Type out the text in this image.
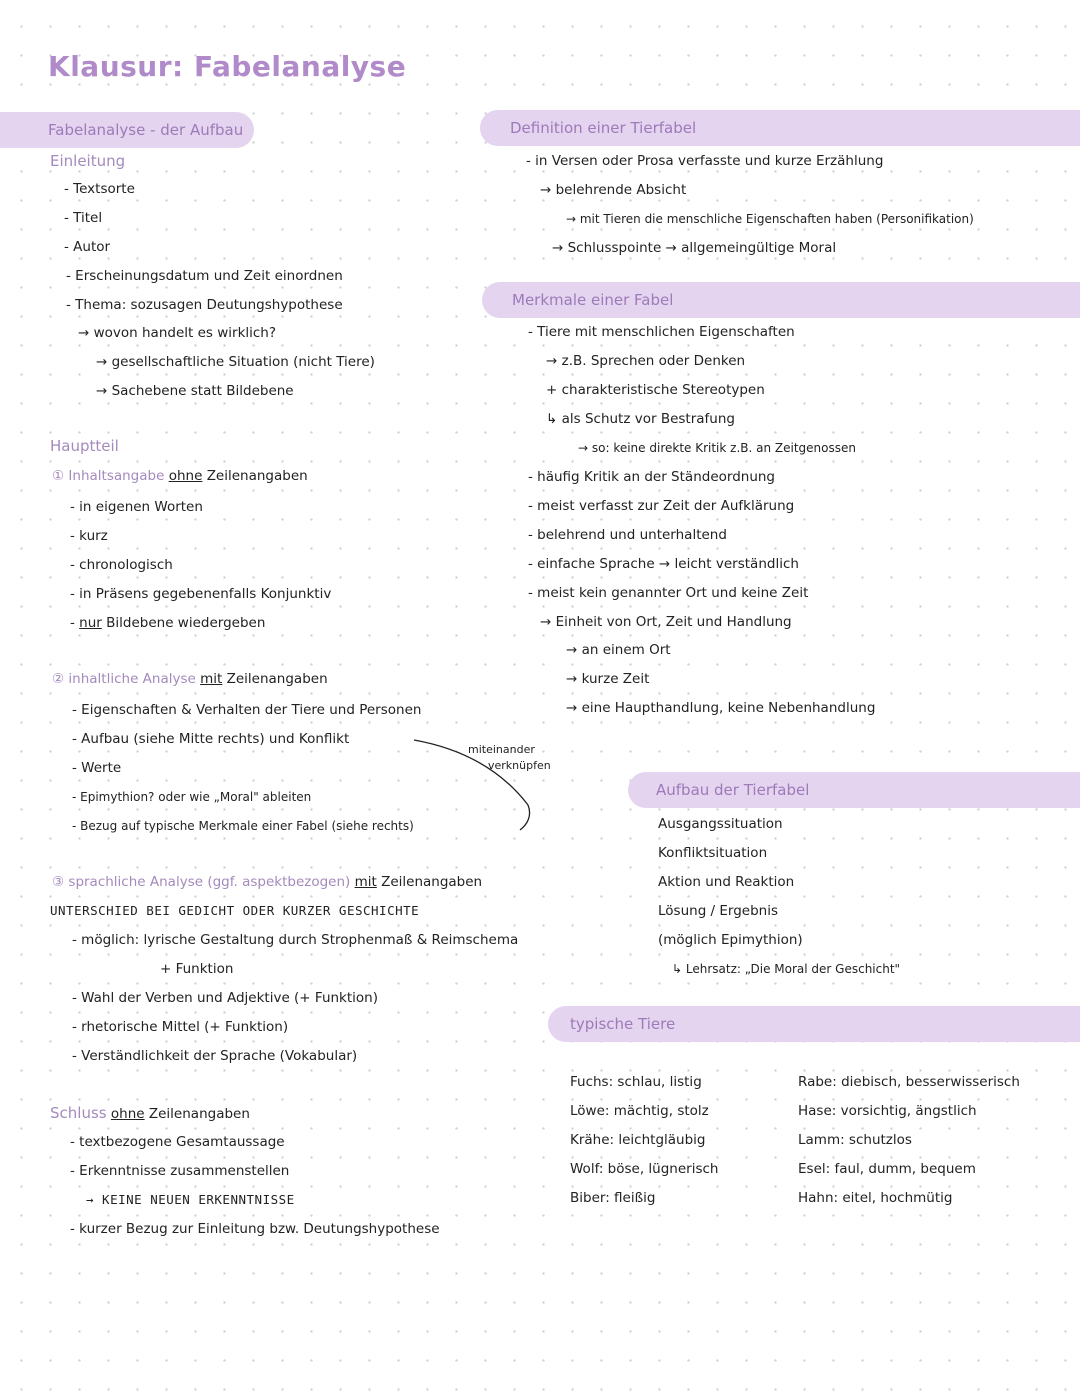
Klausur: Fabelanalyse
Fabelanalyse - der Aufbau
Einleitung
- Textsorte
- Titel
- Autor
- Erscheinungsdatum und Zeit einordnen
- Thema: sozusagen Deutungshypothese
→ wovon handelt es wirklich?
→ gesellschaftliche Situation (nicht Tiere)
→ Sachebene statt Bildebene
Hauptteil
① Inhaltsangabe ohne Zeilenangaben
- in eigenen Worten
- kurz
- chronologisch
- in Präsens gegebenenfalls Konjunktiv
- nur Bildebene wiedergeben
② inhaltliche Analyse mit Zeilenangaben
- Eigenschaften & Verhalten der Tiere und Personen
- Aufbau (siehe Mitte rechts) und Konflikt
- Werte
- Epimythion? oder wie „Moral" ableiten
- Bezug auf typische Merkmale einer Fabel (siehe rechts)
miteinander
verknüpfen
③ sprachliche Analyse (ggf. aspektbezogen) mit Zeilenangaben
UNTERSCHIED BEI GEDICHT ODER KURZER GESCHICHTE
- möglich: lyrische Gestaltung durch Strophenmaß & Reimschema
+ Funktion
- Wahl der Verben und Adjektive (+ Funktion)
- rhetorische Mittel (+ Funktion)
- Verständlichkeit der Sprache (Vokabular)
Schluss ohne Zeilenangaben
- textbezogene Gesamtaussage
- Erkenntnisse zusammenstellen
→ KEINE NEUEN ERKENNTNISSE
- kurzer Bezug zur Einleitung bzw. Deutungshypothese
Definition einer Tierfabel
- in Versen oder Prosa verfasste und kurze Erzählung
→ belehrende Absicht
→ mit Tieren die menschliche Eigenschaften haben (Personifikation)
→ Schlusspointe → allgemeingültige Moral
Merkmale einer Fabel
- Tiere mit menschlichen Eigenschaften
→ z.B. Sprechen oder Denken
+ charakteristische Stereotypen
↳ als Schutz vor Bestrafung
→ so: keine direkte Kritik z.B. an Zeitgenossen
- häufig Kritik an der Ständeordnung
- meist verfasst zur Zeit der Aufklärung
- belehrend und unterhaltend
- einfache Sprache → leicht verständlich
- meist kein genannter Ort und keine Zeit
→ Einheit von Ort, Zeit und Handlung
→ an einem Ort
→ kurze Zeit
→ eine Haupthandlung, keine Nebenhandlung
Aufbau der Tierfabel
Ausgangssituation
Konfliktsituation
Aktion und Reaktion
Lösung / Ergebnis
(möglich Epimythion)
↳ Lehrsatz: „Die Moral der Geschicht"
typische Tiere
Fuchs: schlau, listig
Löwe: mächtig, stolz
Krähe: leichtgläubig
Wolf: böse, lügnerisch
Biber: fleißig
Rabe: diebisch, besserwisserisch
Hase: vorsichtig, ängstlich
Lamm: schutzlos
Esel: faul, dumm, bequem
Hahn: eitel, hochmütig
